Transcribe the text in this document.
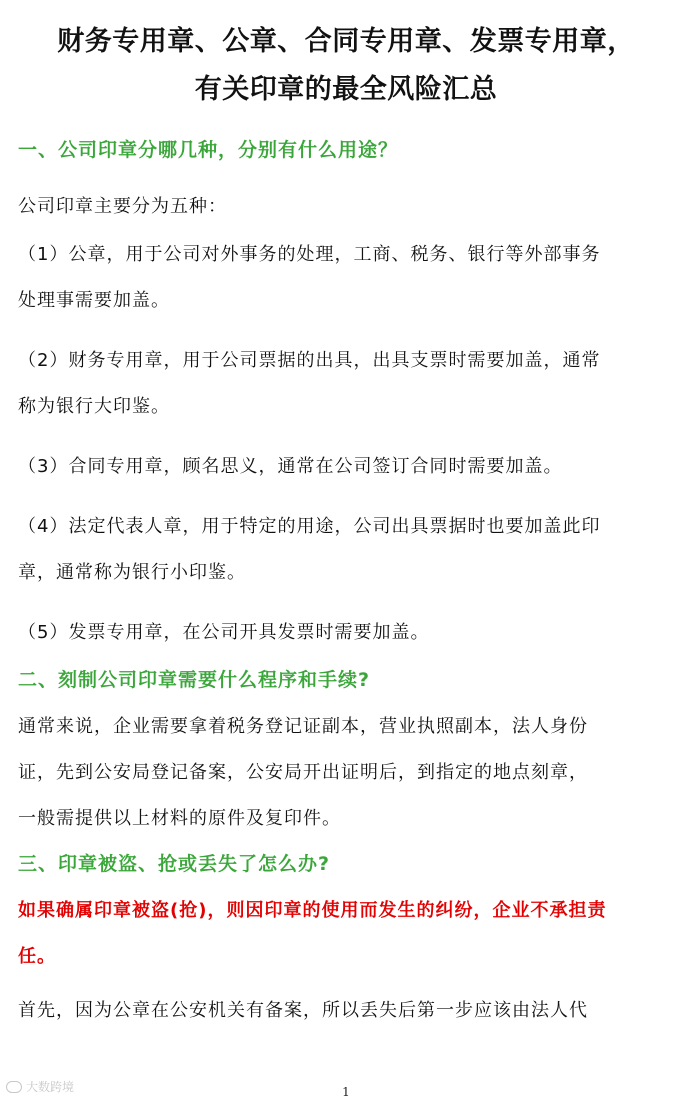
财务专用章、公章、合同专用章、发票专用章，
有关印章的最全风险汇总
一、公司印章分哪几种，分别有什么用途？
公司印章主要分为五种：
（1）公章，用于公司对外事务的处理，工商、税务、银行等外部事务
处理事需要加盖。
（2）财务专用章，用于公司票据的出具，出具支票时需要加盖，通常
称为银行大印鉴。
（3）合同专用章，顾名思义，通常在公司签订合同时需要加盖。
（4）法定代表人章，用于特定的用途，公司出具票据时也要加盖此印
章，通常称为银行小印鉴。
（5）发票专用章，在公司开具发票时需要加盖。
二、刻制公司印章需要什么程序和手续?
通常来说，企业需要拿着税务登记证副本，营业执照副本，法人身份
证，先到公安局登记备案，公安局开出证明后，到指定的地点刻章，
一般需提供以上材料的原件及复印件。
三、印章被盗、抢或丢失了怎么办?
如果确属印章被盗(抢)，则因印章的使用而发生的纠纷，企业不承担责
任。
首先，因为公章在公安机关有备案，所以丢失后第一步应该由法人代
大数跨境	1
